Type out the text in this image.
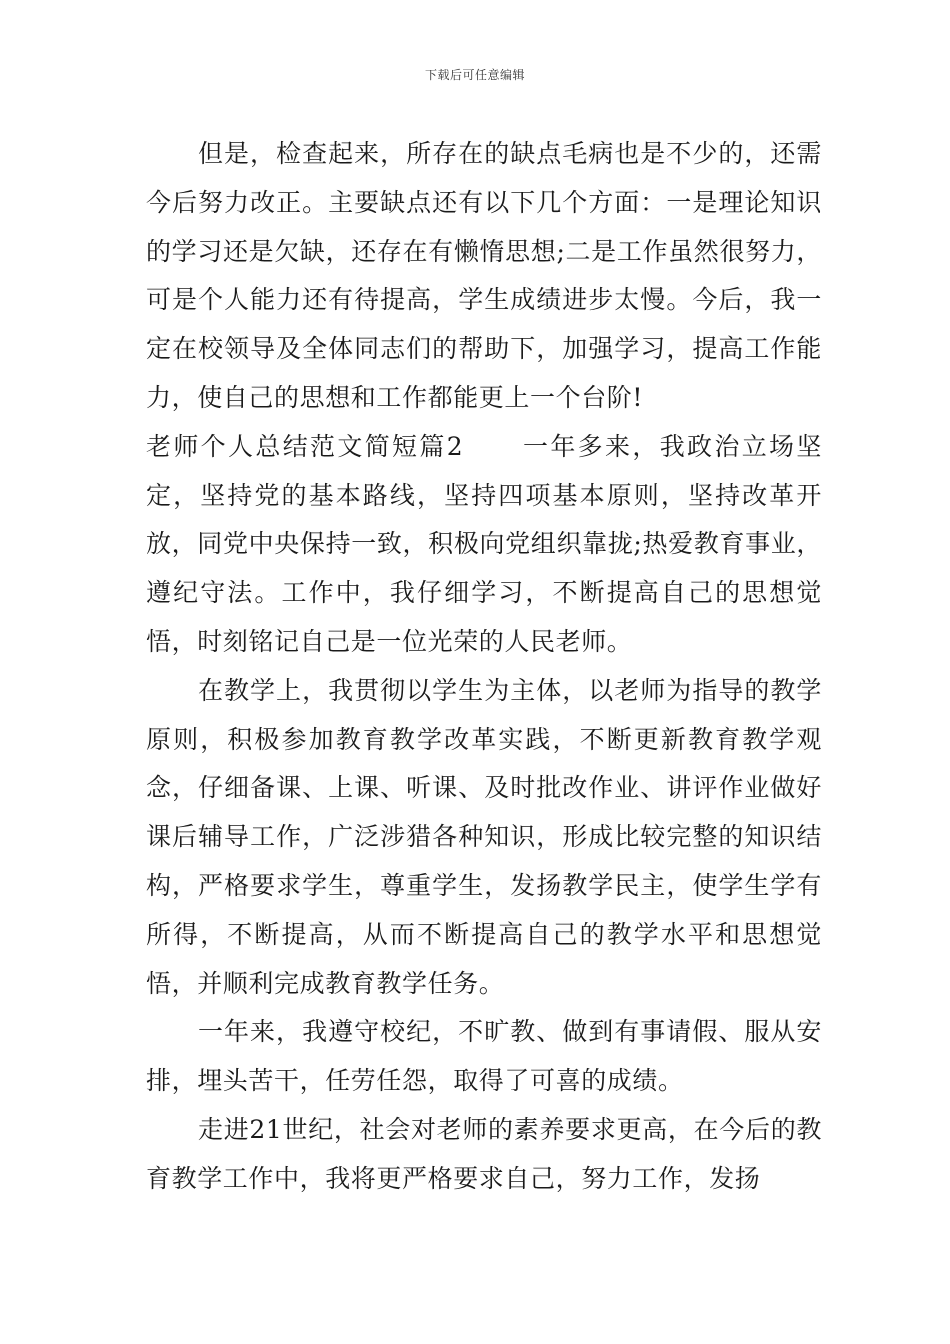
下载后可任意编辑

但是，检查起来，所存在的缺点毛病也是不少的，还需今后努力改正。主要缺点还有以下几个方面：一是理论知识的学习还是欠缺，还存在有懒惰思想;二是工作虽然很努力，可是个人能力还有待提高，学生成绩进步太慢。今后，我一定在校领导及全体同志们的帮助下，加强学习，提高工作能力，使自己的思想和工作都能更上一个台阶!

老师个人总结范文简短篇2 一年多来，我政治立场坚定，坚持党的基本路线，坚持四项基本原则，坚持改革开放，同党中央保持一致，积极向党组织靠拢;热爱教育事业，遵纪守法。工作中，我仔细学习，不断提高自己的思想觉悟，时刻铭记自己是一位光荣的人民老师。

在教学上，我贯彻以学生为主体，以老师为指导的教学原则，积极参加教育教学改革实践，不断更新教育教学观念，仔细备课、上课、听课、及时批改作业、讲评作业做好课后辅导工作，广泛涉猎各种知识，形成比较完整的知识结构，严格要求学生，尊重学生，发扬教学民主，使学生学有所得，不断提高，从而不断提高自己的教学水平和思想觉悟，并顺利完成教育教学任务。

一年来，我遵守校纪，不旷教、做到有事请假、服从安排，埋头苦干，任劳任怨，取得了可喜的成绩。

走进21世纪，社会对老师的素养要求更高，在今后的教育教学工作中，我将更严格要求自己，努力工作，发扬
